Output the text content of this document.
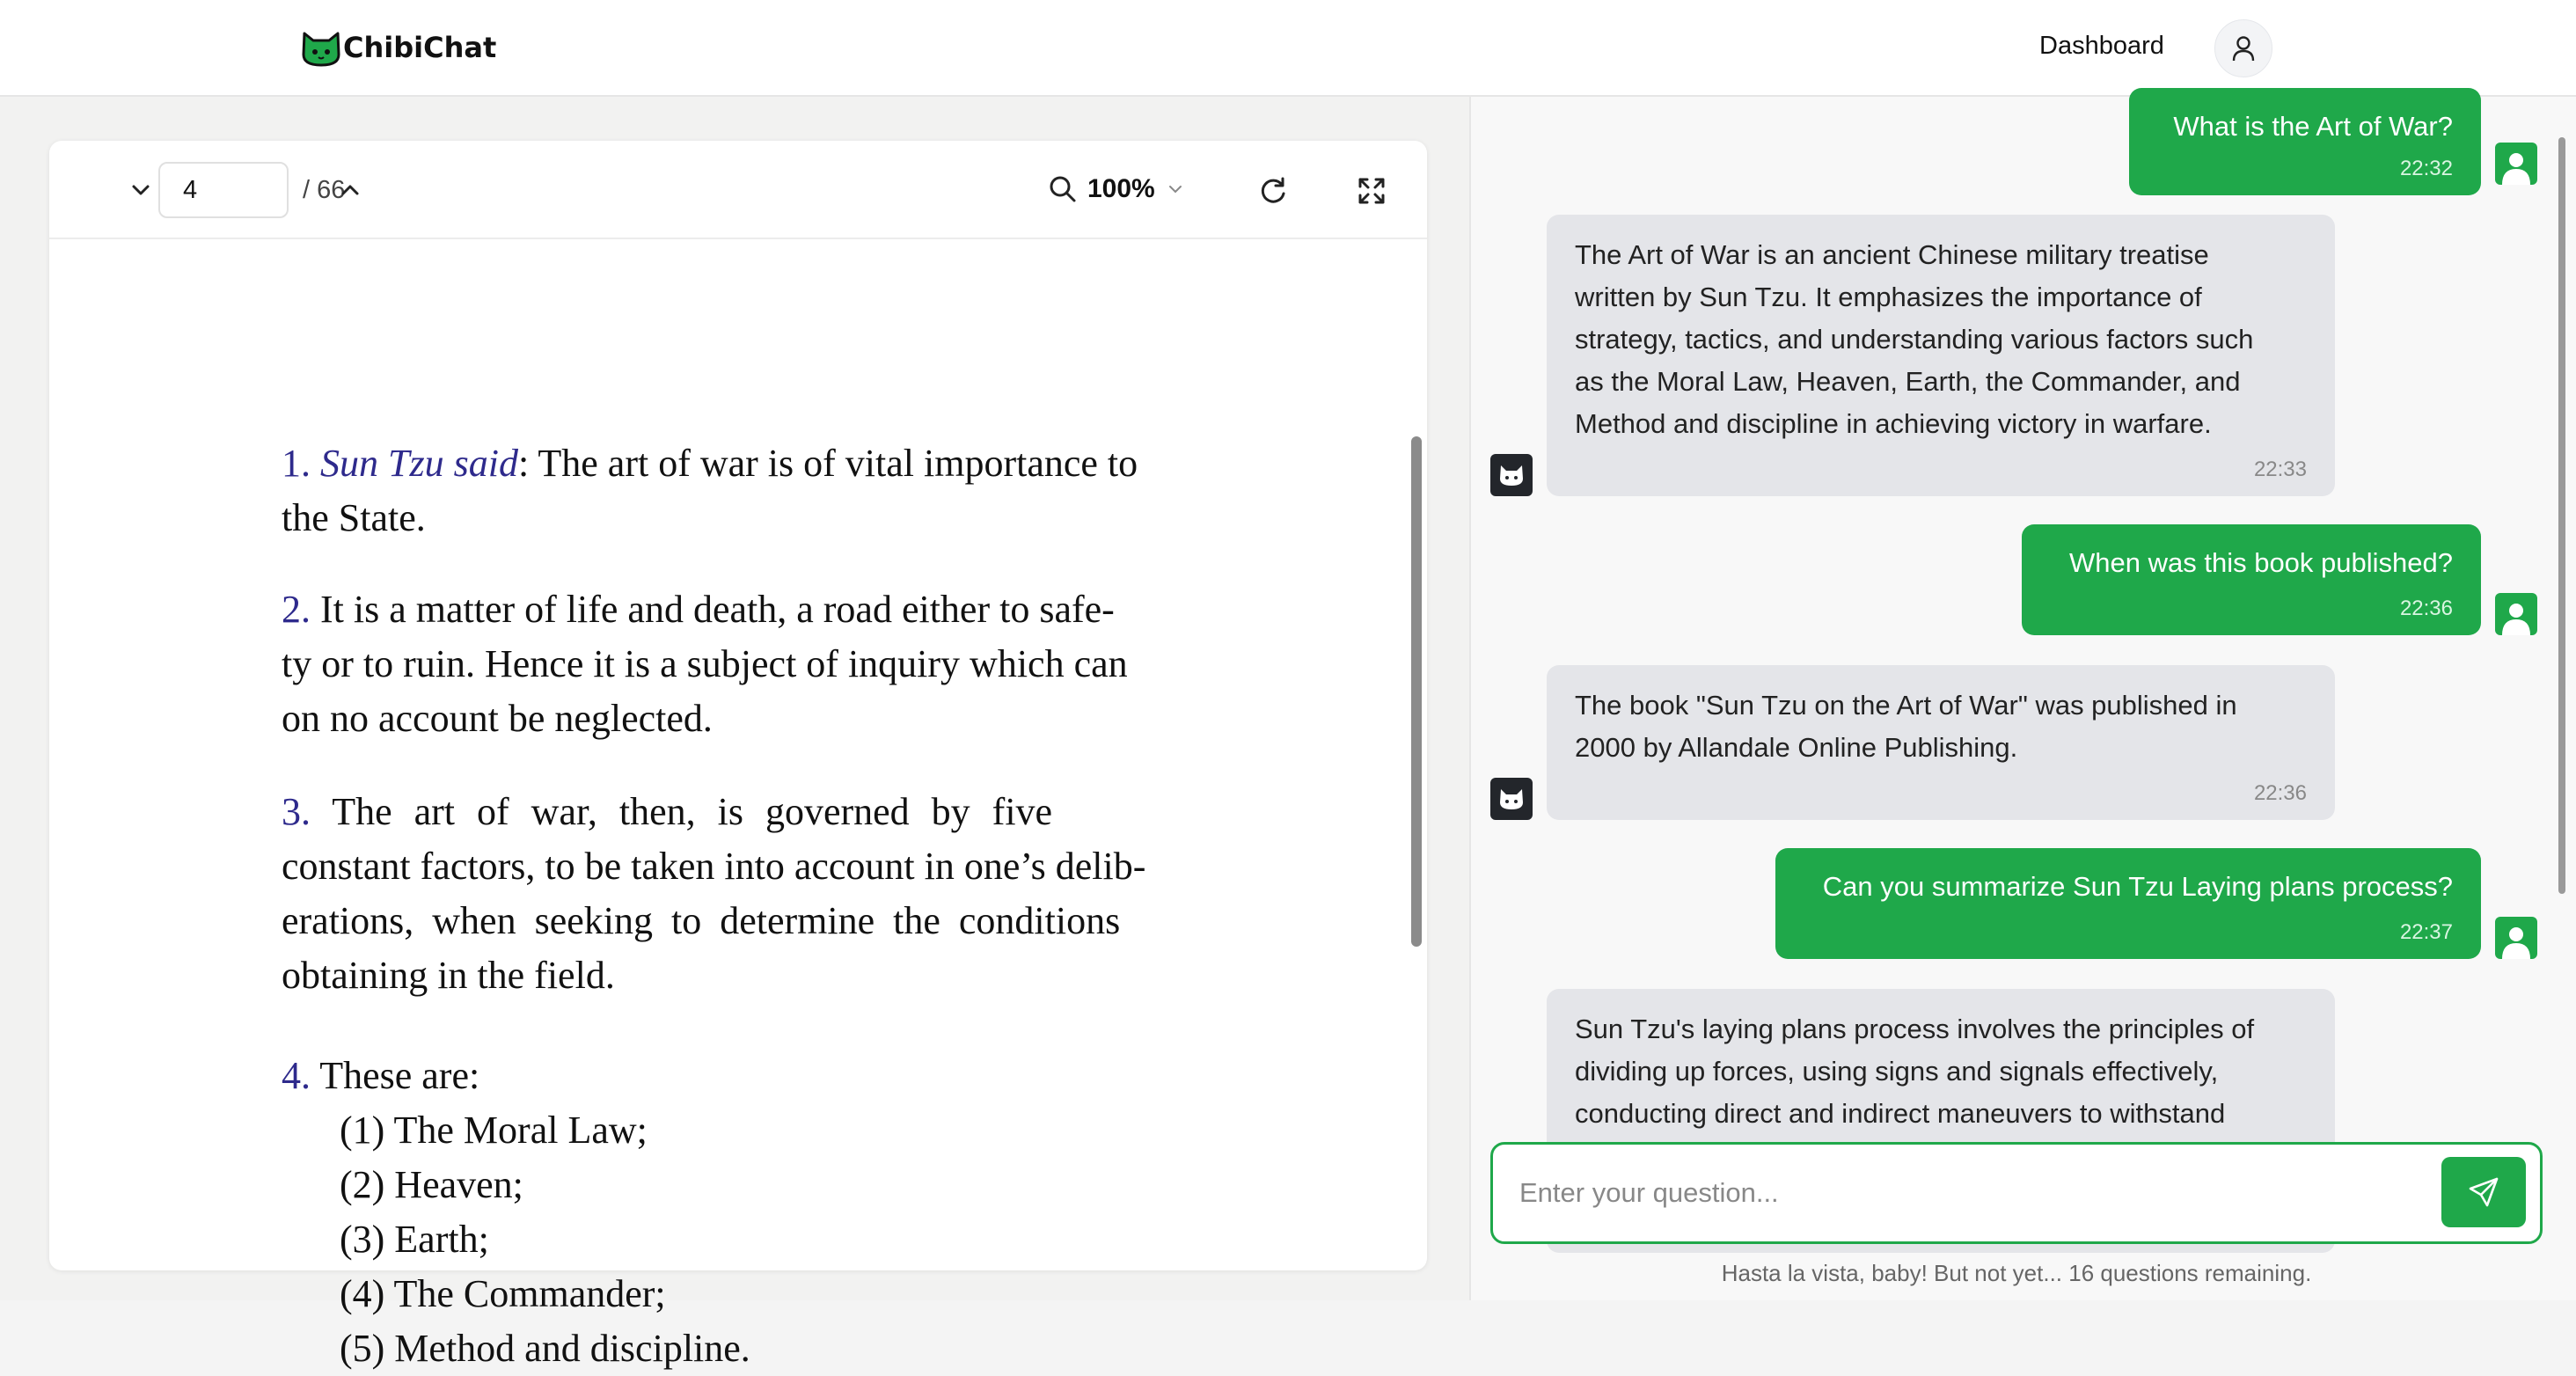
ChibiChat	Dashboard
4
/ 66	100%
1. Sun Tzu said: The art of war is of vital importance to
the State.
2. It is a matter of life and death, a road either to safe-
ty or to ruin. Hence it is a subject of inquiry which can
on no account be neglected.
3. The art of war, then, is governed by five
constant factors, to be taken into account in one’s delib-
erations, when seeking to determine the conditions
obtaining in the field.
4. These are:
(1) The Moral Law;
(2) Heaven;
(3) Earth;
(4) The Commander;
(5) Method and discipline.
What is the Art of War?
22:32
The Art of War is an ancient Chinese military treatise
written by Sun Tzu. It emphasizes the importance of
strategy, tactics, and understanding various factors such
as the Moral Law, Heaven, Earth, the Commander, and
Method and discipline in achieving victory in warfare.
22:33
When was this book published?
22:36
The book "Sun Tzu on the Art of War" was published in
2000 by Allandale Online Publishing.
22:36
Can you summarize Sun Tzu Laying plans process?
22:37
Sun Tzu's laying plans process involves the principles of
dividing up forces, using signs and signals effectively,
conducting direct and indirect maneuvers to withstand
Enter your question...
Hasta la vista, baby! But not yet... 16 questions remaining.
